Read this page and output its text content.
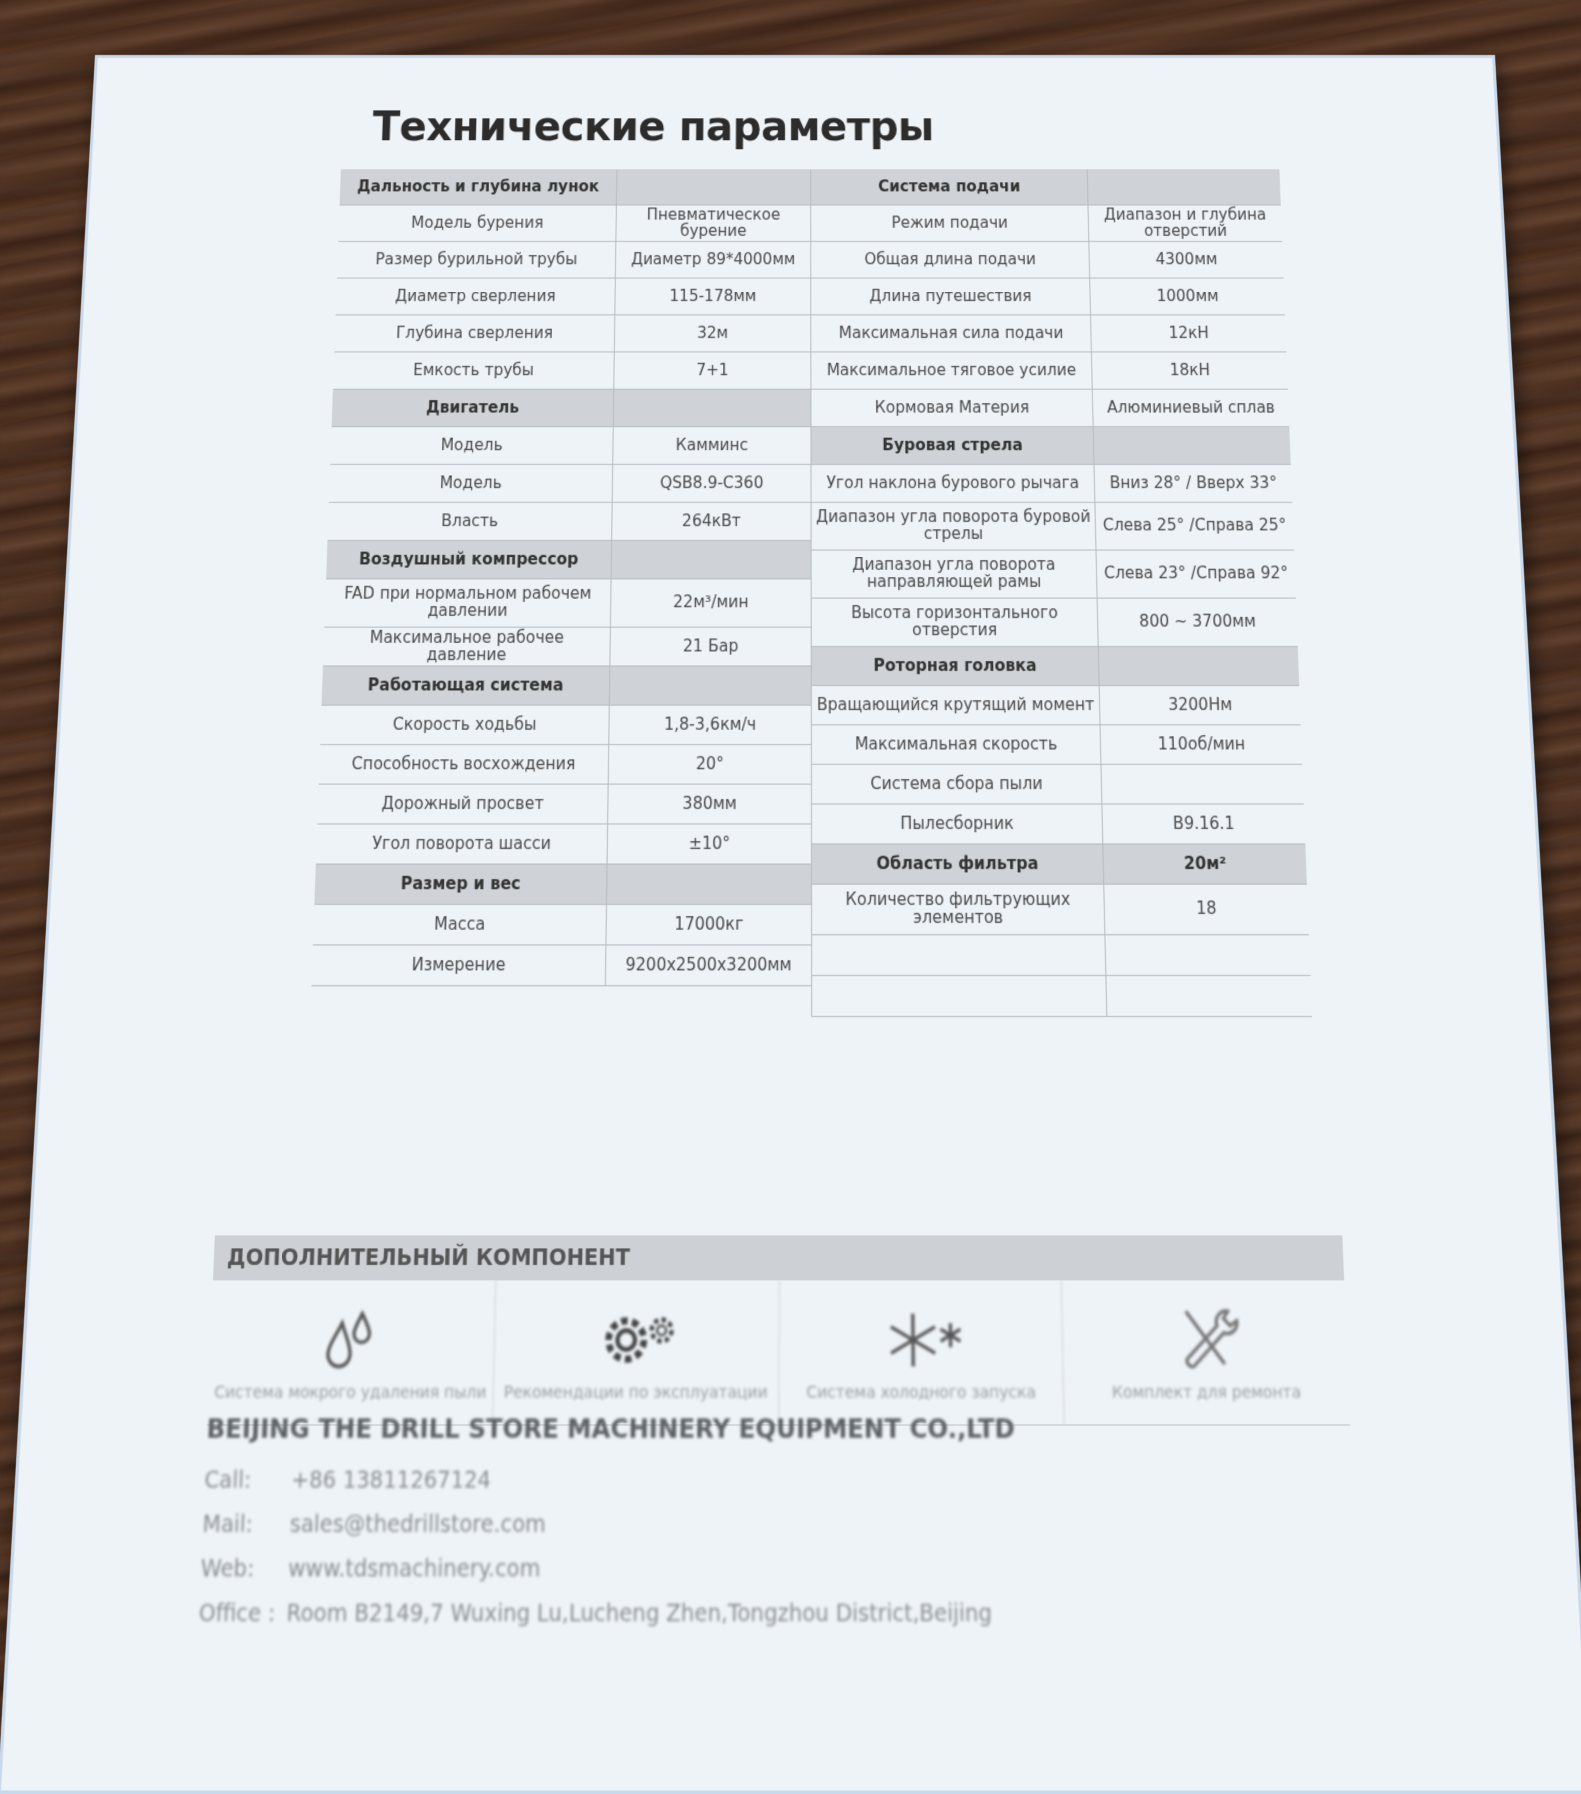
Технические параметры
Дальность и глубина лунок
Модель бурения	Пневматическое бурение
Размер бурильной трубы	Диаметр 89*4000мм
Диаметр сверления	115-178мм
Глубина сверления	32м
Емкость трубы	7+1
Двигатель
Модель	Камминс
Модель	QSB8.9-C360
Власть	264кВт
Воздушный компрессор
FAD при нормальном рабочем давлении	22м³/мин
Максимальное рабочее давление	21 Бар
Работающая система
Скорость ходьбы	1,8-3,6км/ч
Способность восхождения	20°
Дорожный просвет	380мм
Угол поворота шасси	±10°
Размер и вес
Масса	17000кг
Измерение	9200x2500x3200мм
Система подачи
Режим подачи	Диапазон и глубина отверстий
Общая длина подачи	4300мм
Длина путешествия	1000мм
Максимальная сила подачи	12кН
Максимальное тяговое усилие	18кН
Кормовая Материя	Алюминиевый сплав
Буровая стрела
Угол наклона бурового рычага	Вниз 28° / Вверх 33°
Диапазон угла поворота буровой стрелы	Слева 25° /Справа 25°
Диапазон угла поворота направляющей рамы	Слева 23° /Справа 92°
Высота горизонтального отверстия	800 ~ 3700мм
Роторная головка
Вращающийся крутящий момент	3200Нм
Максимальная скорость	110об/мин
Система сбора пыли
Пылесборник	B9.16.1
Область фильтра	20м²
Количество фильтрующих элементов	18
ДОПОЛНИТЕЛЬНЫЙ КОМПОНЕНТ
Система мокрого удаления пыли Рекомендации по эксплуатации	Система холодного запуска	Комплект для ремонта
BEIJING THE DRILL STORE MACHINERY EQUIPMENT CO.,LTD
Call: +86 13811267124
Mail: sales@thedrillstore.com
Web: www.tdsmachinery.com
Office : Room B2149,7 Wuxing Lu,Lucheng Zhen,Tongzhou District,Beijing
